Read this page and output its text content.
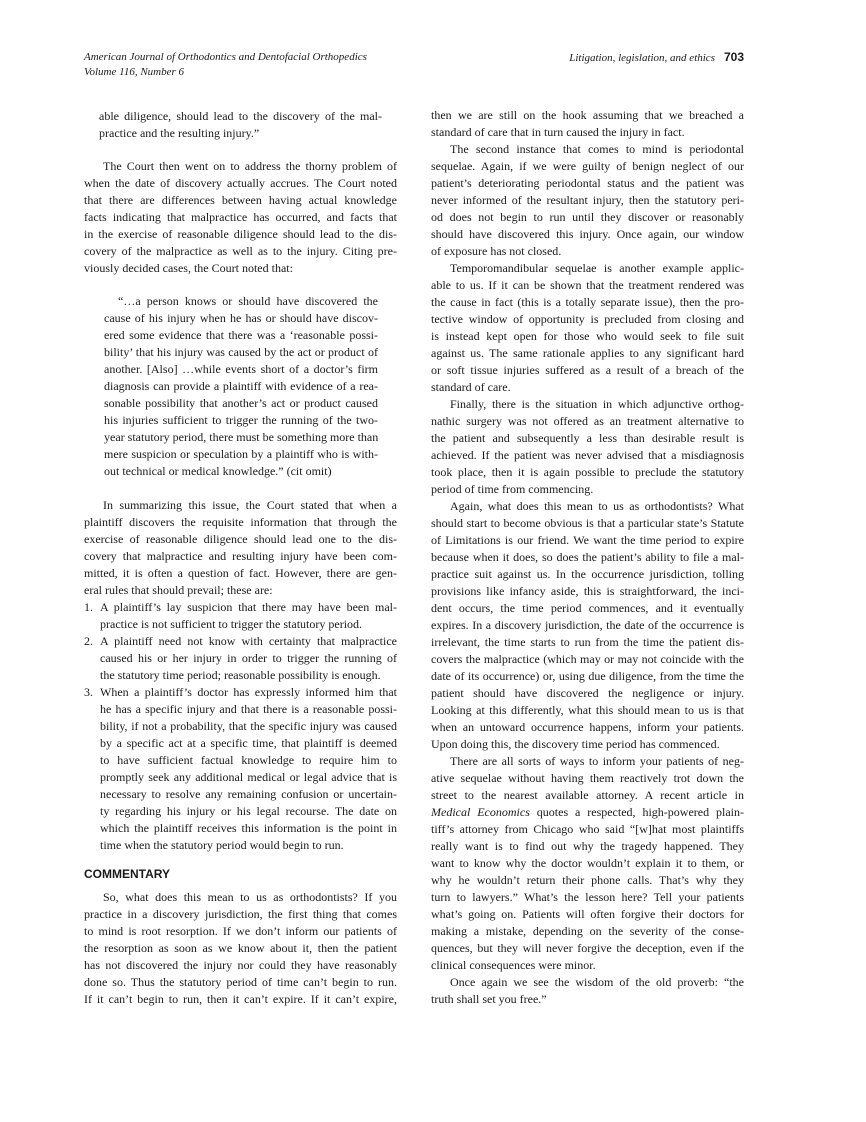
American Journal of Orthodontics and Dentofacial Orthopedics
Volume 116, Number 6
Litigation, legislation, and ethics 703
able diligence, should lead to the discovery of the mal-
practice and the resulting injury.”
The Court then went on to address the thorny problem of
when the date of discovery actually accrues. The Court noted
that there are differences between having actual knowledge
facts indicating that malpractice has occurred, and facts that
in the exercise of reasonable diligence should lead to the dis-
covery of the malpractice as well as to the injury. Citing pre-
viously decided cases, the Court noted that:
“…a person knows or should have discovered the
cause of his injury when he has or should have discov-
ered some evidence that there was a ‘reasonable possi-
bility’ that his injury was caused by the act or product of
another. [Also] …while events short of a doctor’s firm
diagnosis can provide a plaintiff with evidence of a rea-
sonable possibility that another’s act or product caused
his injuries sufficient to trigger the running of the two-
year statutory period, there must be something more than
mere suspicion or speculation by a plaintiff who is with-
out technical or medical knowledge.” (cit omit)
In summarizing this issue, the Court stated that when a
plaintiff discovers the requisite information that through the
exercise of reasonable diligence should lead one to the dis-
covery that malpractice and resulting injury have been com-
mitted, it is often a question of fact. However, there are gen-
eral rules that should prevail; these are:
1. A plaintiff’s lay suspicion that there may have been mal-
practice is not sufficient to trigger the statutory period.
2. A plaintiff need not know with certainty that malpractice
caused his or her injury in order to trigger the running of
the statutory time period; reasonable possibility is enough.
3. When a plaintiff’s doctor has expressly informed him that
he has a specific injury and that there is a reasonable possi-
bility, if not a probability, that the specific injury was caused
by a specific act at a specific time, that plaintiff is deemed
to have sufficient factual knowledge to require him to
promptly seek any additional medical or legal advice that is
necessary to resolve any remaining confusion or uncertain-
ty regarding his injury or his legal recourse. The date on
which the plaintiff receives this information is the point in
time when the statutory period would begin to run.
COMMENTARY
So, what does this mean to us as orthodontists? If you
practice in a discovery jurisdiction, the first thing that comes
to mind is root resorption. If we don’t inform our patients of
the resorption as soon as we know about it, then the patient
has not discovered the injury nor could they have reasonably
done so. Thus the statutory period of time can’t begin to run.
If it can’t begin to run, then it can’t expire. If it can’t expire,
then we are still on the hook assuming that we breached a
standard of care that in turn caused the injury in fact.
The second instance that comes to mind is periodontal
sequelae. Again, if we were guilty of benign neglect of our
patient’s deteriorating periodontal status and the patient was
never informed of the resultant injury, then the statutory peri-
od does not begin to run until they discover or reasonably
should have discovered this injury. Once again, our window
of exposure has not closed.
Temporomandibular sequelae is another example applic-
able to us. If it can be shown that the treatment rendered was
the cause in fact (this is a totally separate issue), then the pro-
tective window of opportunity is precluded from closing and
is instead kept open for those who would seek to file suit
against us. The same rationale applies to any significant hard
or soft tissue injuries suffered as a result of a breach of the
standard of care.
Finally, there is the situation in which adjunctive orthog-
nathic surgery was not offered as an treatment alternative to
the patient and subsequently a less than desirable result is
achieved. If the patient was never advised that a misdiagnosis
took place, then it is again possible to preclude the statutory
period of time from commencing.
Again, what does this mean to us as orthodontists? What
should start to become obvious is that a particular state’s Statute
of Limitations is our friend. We want the time period to expire
because when it does, so does the patient’s ability to file a mal-
practice suit against us. In the occurrence jurisdiction, tolling
provisions like infancy aside, this is straightforward, the inci-
dent occurs, the time period commences, and it eventually
expires. In a discovery jurisdiction, the date of the occurrence is
irrelevant, the time starts to run from the time the patient dis-
covers the malpractice (which may or may not coincide with the
date of its occurrence) or, using due diligence, from the time the
patient should have discovered the negligence or injury.
Looking at this differently, what this should mean to us is that
when an untoward occurrence happens, inform your patients.
Upon doing this, the discovery time period has commenced.
There are all sorts of ways to inform your patients of neg-
ative sequelae without having them reactively trot down the
street to the nearest available attorney. A recent article in
Medical Economics quotes a respected, high-powered plain-
tiff’s attorney from Chicago who said “[w]hat most plaintiffs
really want is to find out why the tragedy happened. They
want to know why the doctor wouldn’t explain it to them, or
why he wouldn’t return their phone calls. That’s why they
turn to lawyers.” What’s the lesson here? Tell your patients
what’s going on. Patients will often forgive their doctors for
making a mistake, depending on the severity of the conse-
quences, but they will never forgive the deception, even if the
clinical consequences were minor.
Once again we see the wisdom of the old proverb: “the
truth shall set you free.”
